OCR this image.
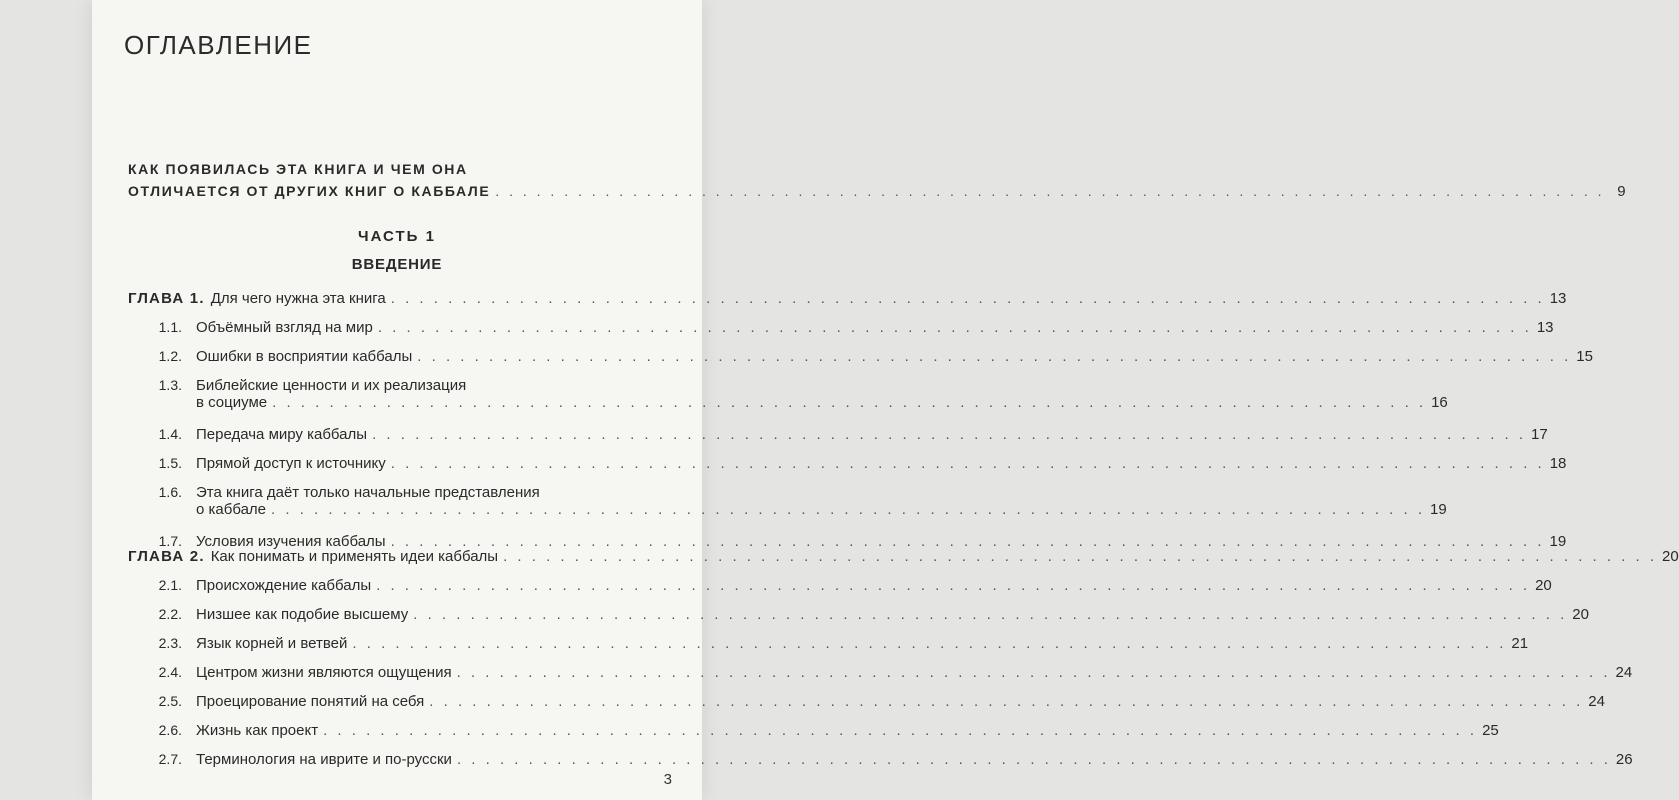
ОГЛАВЛЕНИЕ
КАК ПОЯВИЛАСЬ ЭТА КНИГА И ЧЕМ ОНА
ОТЛИЧАЕТСЯ ОТ ДРУГИХ КНИГ О КАББАЛЕ . . .	9
ЧАСТЬ 1
ВВЕДЕНИЕ
ГЛАВА 1. Для чего нужна эта книга . . .	13
1.1. Объёмный взгляд на мир . . .	13
1.2. Ошибки в восприятии каббалы . . .	15
1.3. Библейские ценности и их реализация
в социуме . . .	16
1.4. Передача миру каббалы . . .	17
1.5. Прямой доступ к источнику . . .	18
1.6. Эта книга даёт только начальные представления
о каббале . . .	19
1.7. Условия изучения каббалы . . .	19
ГЛАВА 2. Как понимать и применять идеи каббалы . . .	20
2.1. Происхождение каббалы . . .	20
2.2. Низшее как подобие высшему . . .	20
2.3. Язык корней и ветвей . . .	21
2.4. Центром жизни являются ощущения . . .	24
2.5. Проецирование понятий на себя . . .	24
2.6. Жизнь как проект . . .	25
2.7. Терминология на иврите и по-русски . . .	26
3
